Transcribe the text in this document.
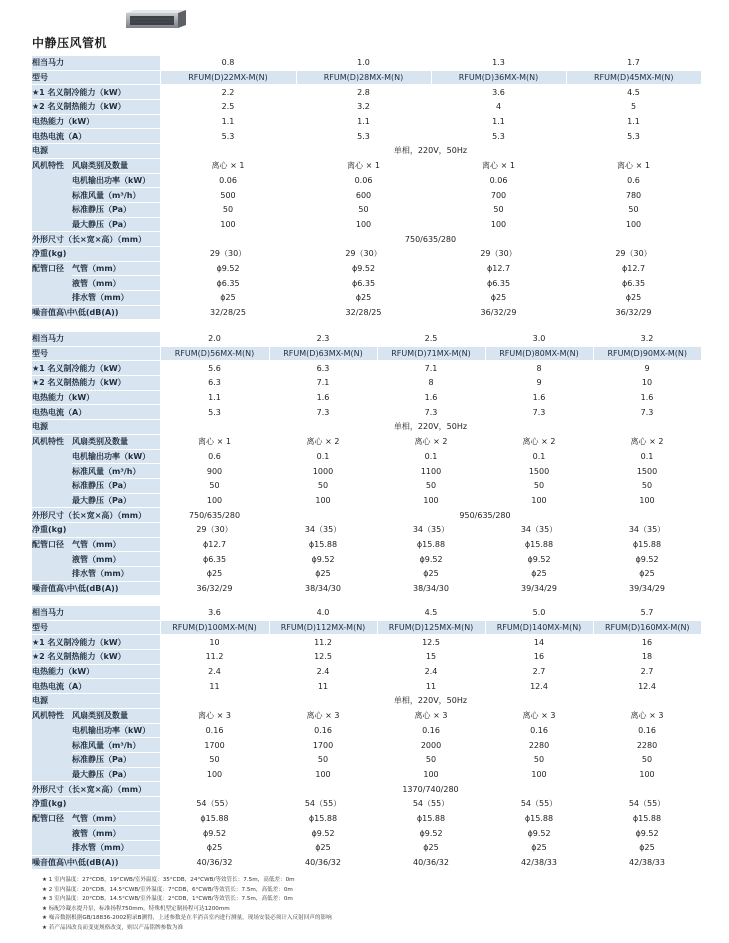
中静压风管机
相当马力		0.8	1.0	1.3	1.7
型号		RFUM(D)22MX-M(N)	RFUM(D)28MX-M(N)	RFUM(D)36MX-M(N)	RFUM(D)45MX-M(N)
★1 名义制冷能力（kW）		2.2	2.8	3.6	4.5
★2 名义制热能力（kW）		2.5	3.2	4	5
电热能力（kW）		1.1	1.1	1.1	1.1
电热电流（A）		5.3	5.3	5.3	5.3
电源		单相，220V，50Hz			
风机特性	风扇类别及数量	离心 × 1	离心 × 1	离心 × 1	离心 × 1
	电机输出功率（kW）	0.06	0.06	0.06	0.6
	标准风量（m³/h）	500	600	700	780
	标准静压（Pa）	50	50	50	50
	最大静压（Pa）	100	100	100	100
外形尺寸（长×宽×高）（mm）		750/635/280			
净重(kg)		29（30）	29（30）	29（30）	29（30）
配管口径	气管（mm）	ϕ9.52	ϕ9.52	ϕ12.7	ϕ12.7
	液管（mm）	ϕ6.35	ϕ6.35	ϕ6.35	ϕ6.35
	排水管（mm）	ϕ25	ϕ25	ϕ25	ϕ25
噪音值高\中\低(dB(A))		32/28/25	32/28/25	36/32/29	36/32/29
相当马力		2.0	2.3	2.5	3.0	3.2
型号		RFUM(D)56MX-M(N)	RFUM(D)63MX-M(N)	RFUM(D)71MX-M(N)	RFUM(D)80MX-M(N)	RFUM(D)90MX-M(N)
★1 名义制冷能力（kW）		5.6	6.3	7.1	8	9
★2 名义制热能力（kW）		6.3	7.1	8	9	10
电热能力（kW）		1.1	1.6	1.6	1.6	1.6
电热电流（A）		5.3	7.3	7.3	7.3	7.3
电源		单相，220V，50Hz				
风机特性	风扇类别及数量	离心 × 1	离心 × 2	离心 × 2	离心 × 2	离心 × 2
	电机输出功率（kW）	0.6	0.1	0.1	0.1	0.1
	标准风量（m³/h）	900	1000	1100	1500	1500
	标准静压（Pa）	50	50	50	50	50
	最大静压（Pa）	100	100	100	100	100
外形尺寸（长×宽×高）（mm）		750/635/280	950/635/280			
净重(kg)		29（30）	34（35）	34（35）	34（35）	34（35）
配管口径	气管（mm）	ϕ12.7	ϕ15.88	ϕ15.88	ϕ15.88	ϕ15.88
	液管（mm）	ϕ6.35	ϕ9.52	ϕ9.52	ϕ9.52	ϕ9.52
	排水管（mm）	ϕ25	ϕ25	ϕ25	ϕ25	ϕ25
噪音值高\中\低(dB(A))		36/32/29	38/34/30	38/34/30	39/34/29	39/34/29
相当马力		3.6	4.0	4.5	5.0	5.7
型号		RFUM(D)100MX-M(N)	RFUM(D)112MX-M(N)	RFUM(D)125MX-M(N)	RFUM(D)140MX-M(N)	RFUM(D)160MX-M(N)
★1 名义制冷能力（kW）		10	11.2	12.5	14	16
★2 名义制热能力（kW）		11.2	12.5	15	16	18
电热能力（kW）		2.4	2.4	2.4	2.7	2.7
电热电流（A）		11	11	11	12.4	12.4
电源		单相，220V，50Hz				
风机特性	风扇类别及数量	离心 × 3	离心 × 3	离心 × 3	离心 × 3	离心 × 3
	电机输出功率（kW）	0.16	0.16	0.16	0.16	0.16
	标准风量（m³/h）	1700	1700	2000	2280	2280
	标准静压（Pa）	50	50	50	50	50
	最大静压（Pa）	100	100	100	100	100
外形尺寸（长×宽×高）（mm）		1370/740/280				
净重(kg)		54（55）	54（55）	54（55）	54（55）	54（55）
配管口径	气管（mm）	ϕ15.88	ϕ15.88	ϕ15.88	ϕ15.88	ϕ15.88
	液管（mm）	ϕ9.52	ϕ9.52	ϕ9.52	ϕ9.52	ϕ9.52
	排水管（mm）	ϕ25	ϕ25	ϕ25	ϕ25	ϕ25
噪音值高\中\低(dB(A))		40/36/32	40/36/32	40/36/32	42/38/33	42/38/33
★ 1 室内温度：27°CDB，19°CWB/室外温度：35°CDB，24°CWB/等效管长：7.5m，高低差：0m
★ 2 室内温度：20°CDB，14.5°CWB/室外温度：7°CDB，6°CWB/等效管长：7.5m，高低差：0m
★ 3 室内温度：20°CDB，14.5°CWB/室外温度：2°CDB，1°CWB/等效管长：7.5m，高低差：0m
★ 标配冷凝水提升泵，标准扬程750mm，特殊机型定制扬程可达1200mm
★ 噪音数据根据GB/18836-2002附录B测得，上述参数是在半消音室内进行测量，现场安装必须计入反射回声的影响
★ 若产品因改良而变更规格改变，则以产品铭牌参数为准
